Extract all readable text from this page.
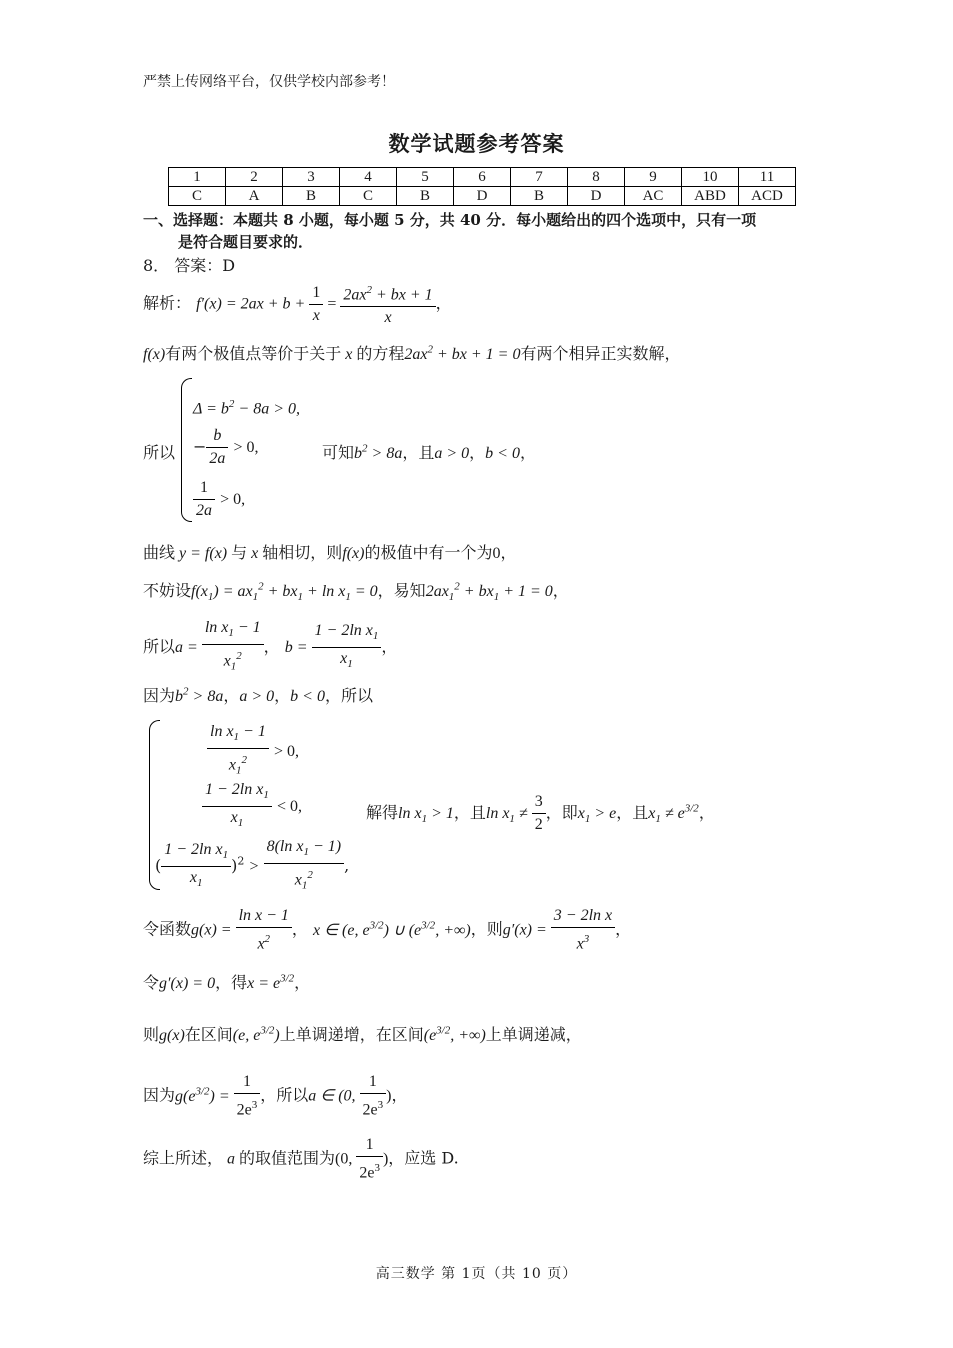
严禁上传网络平台，仅供学校内部参考！
数学试题参考答案
1	2	3	4	5	6	7	8	9	10	11
C	A	B	C	B	D	B	D	AC	ABD	ACD
一、选择题：本题共 8 小题，每小题 5 分，共 40 分．每小题给出的四个选项中，只有一项
是符合题目要求的．
8． 答案：D
解析： $f'(x) = 2ax + b + \frac{1}{x} = \frac{2ax^2 + bx + 1}{x}$ ，
f(x)有两个极值点等价于关于 x 的方程$2ax^2$ + bx + 1 = 0有两个相异正实数解，
所以
$\Delta = b^2 - 8a > 0$,
− $\frac{b}{2a} > 0$,
$\frac{1}{2a} > 0$,
可知$b^2 > 8a$，且a > 0，b < 0，
曲线 y = f(x) 与 x 轴相切，则f(x)的极值中有一个为0，
不妨设$f(x_1) = ax_1^2 + bx_1 + \ln x_1 = 0$，易知$2ax_1^2 + bx_1 + 1 = 0$，
所以$a = \frac{\ln x_1 - 1}{x_1^2}$ ， $b = \frac{1 - 2\ln x_1}{x_1}$ ，
因为$b^2 > 8a$，a > 0，b < 0，所以
$\frac{\ln x_1 - 1}{x_1^2} > 0$,
$\frac{1 - 2\ln x_1}{x_1} < 0$,
( $\frac{1 - 2\ln x_1}{x_1} )^2 > \frac{8(\ln x_1 - 1)}{x_1^2}$ ,
解得$\ln x_1 > 1$，且$\ln x_1 \ne \frac{3}{2}$ ，即$x_1 > e$，且$x_1 \ne e^{3/2}$，
令函数$g(x) = \frac{\text{ln x − 1}}{x^2}$ ， x ∈ (e, $e^{3/2}$) ∪ ($e^{3/2}$, +∞)，则$g'(x) = \frac{\text{3 − 2ln x}}{x^3}$ ，
令g′(x) = 0，得$x = e^{3/2}$，
则g(x)在区间(e, $e^{3/2}$)上单调递增，在区间($e^{3/2}$, +∞)上单调递减，
因为$g(e^{3/2}) = \frac{1}{2e^3}$ ，所以a ∈ (0, $\frac{1}{2e^3}$ )，
综上所述， a 的取值范围为(0, $\frac{1}{2e^3}$ )，应选 D.
高三数学 第 1页（共 10 页）
